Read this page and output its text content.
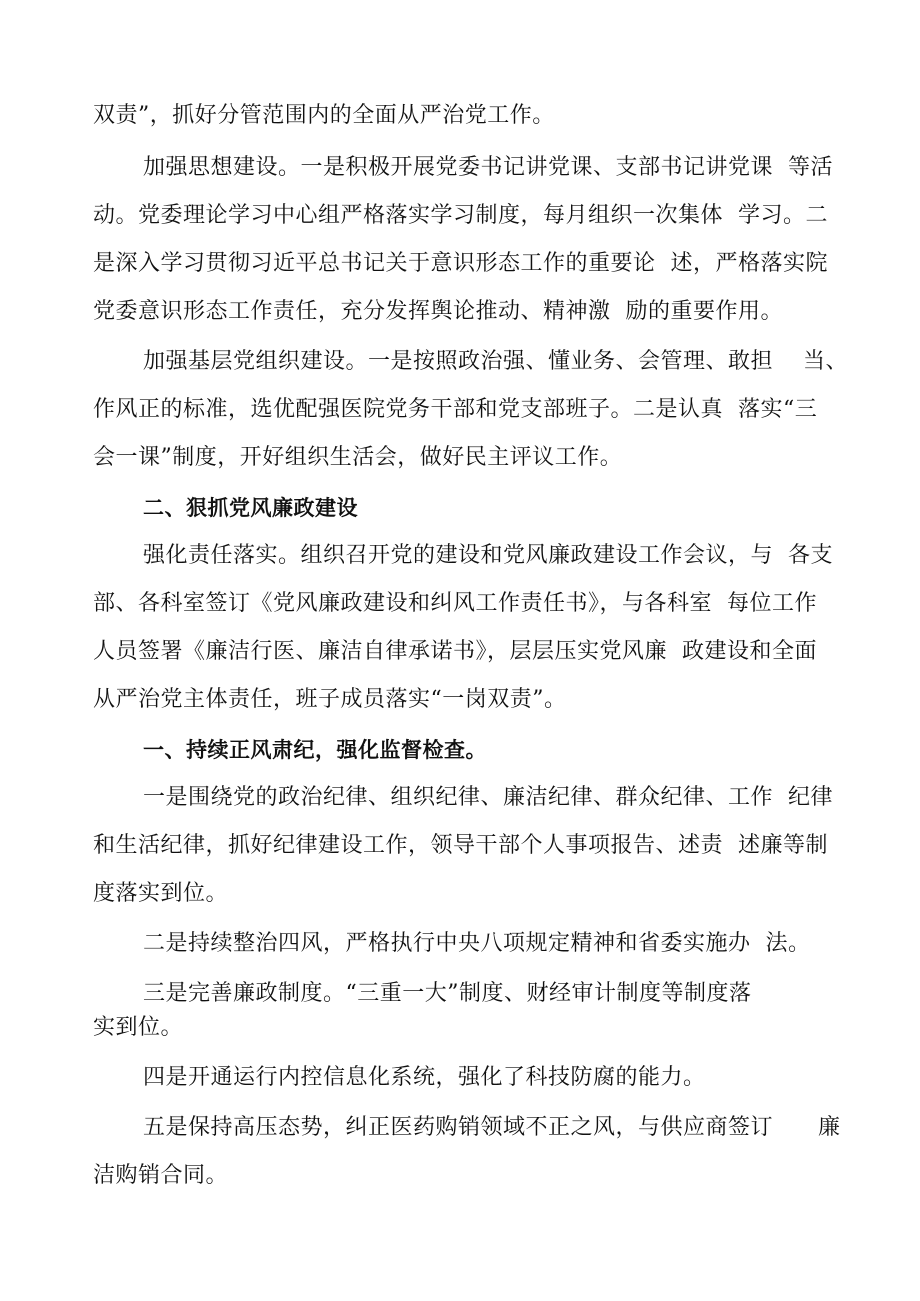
双责”，抓好分管范围内的全面从严治党工作。
加强思想建设。一是积极开展党委书记讲党课、支部书记讲党课  等活
动。党委理论学习中心组严格落实学习制度，每月组织一次集体  学习。二
是深入学习贯彻习近平总书记关于意识形态工作的重要论  述，严格落实院
党委意识形态工作责任，充分发挥舆论推动、精神激  励的重要作用。
加强基层党组织建设。一是按照政治强、懂业务、会管理、敢担    当、
作风正的标准，选优配强医院党务干部和党支部班子。二是认真  落实“三
会一课”制度，开好组织生活会，做好民主评议工作。
二、狠抓党风廉政建设
强化责任落实。组织召开党的建设和党风廉政建设工作会议，与  各支
部、各科室签订《党风廉政建设和纠风工作责任书》，与各科室  每位工作
人员签署《廉洁行医、廉洁自律承诺书》，层层压实党风廉  政建设和全面
从严治党主体责任，班子成员落实“一岗双责”。
一、持续正风肃纪，强化监督检查。
一是围绕党的政治纪律、组织纪律、廉洁纪律、群众纪律、工作  纪律
和生活纪律，抓好纪律建设工作，领导干部个人事项报告、述责  述廉等制
度落实到位。
二是持续整治四风，严格执行中央八项规定精神和省委实施办  法。
三是完善廉政制度。“三重一大”制度、财经审计制度等制度落
实到位。
四是开通运行内控信息化系统，强化了科技防腐的能力。
五是保持高压态势，纠正医药购销领域不正之风，与供应商签订      廉
洁购销合同。
